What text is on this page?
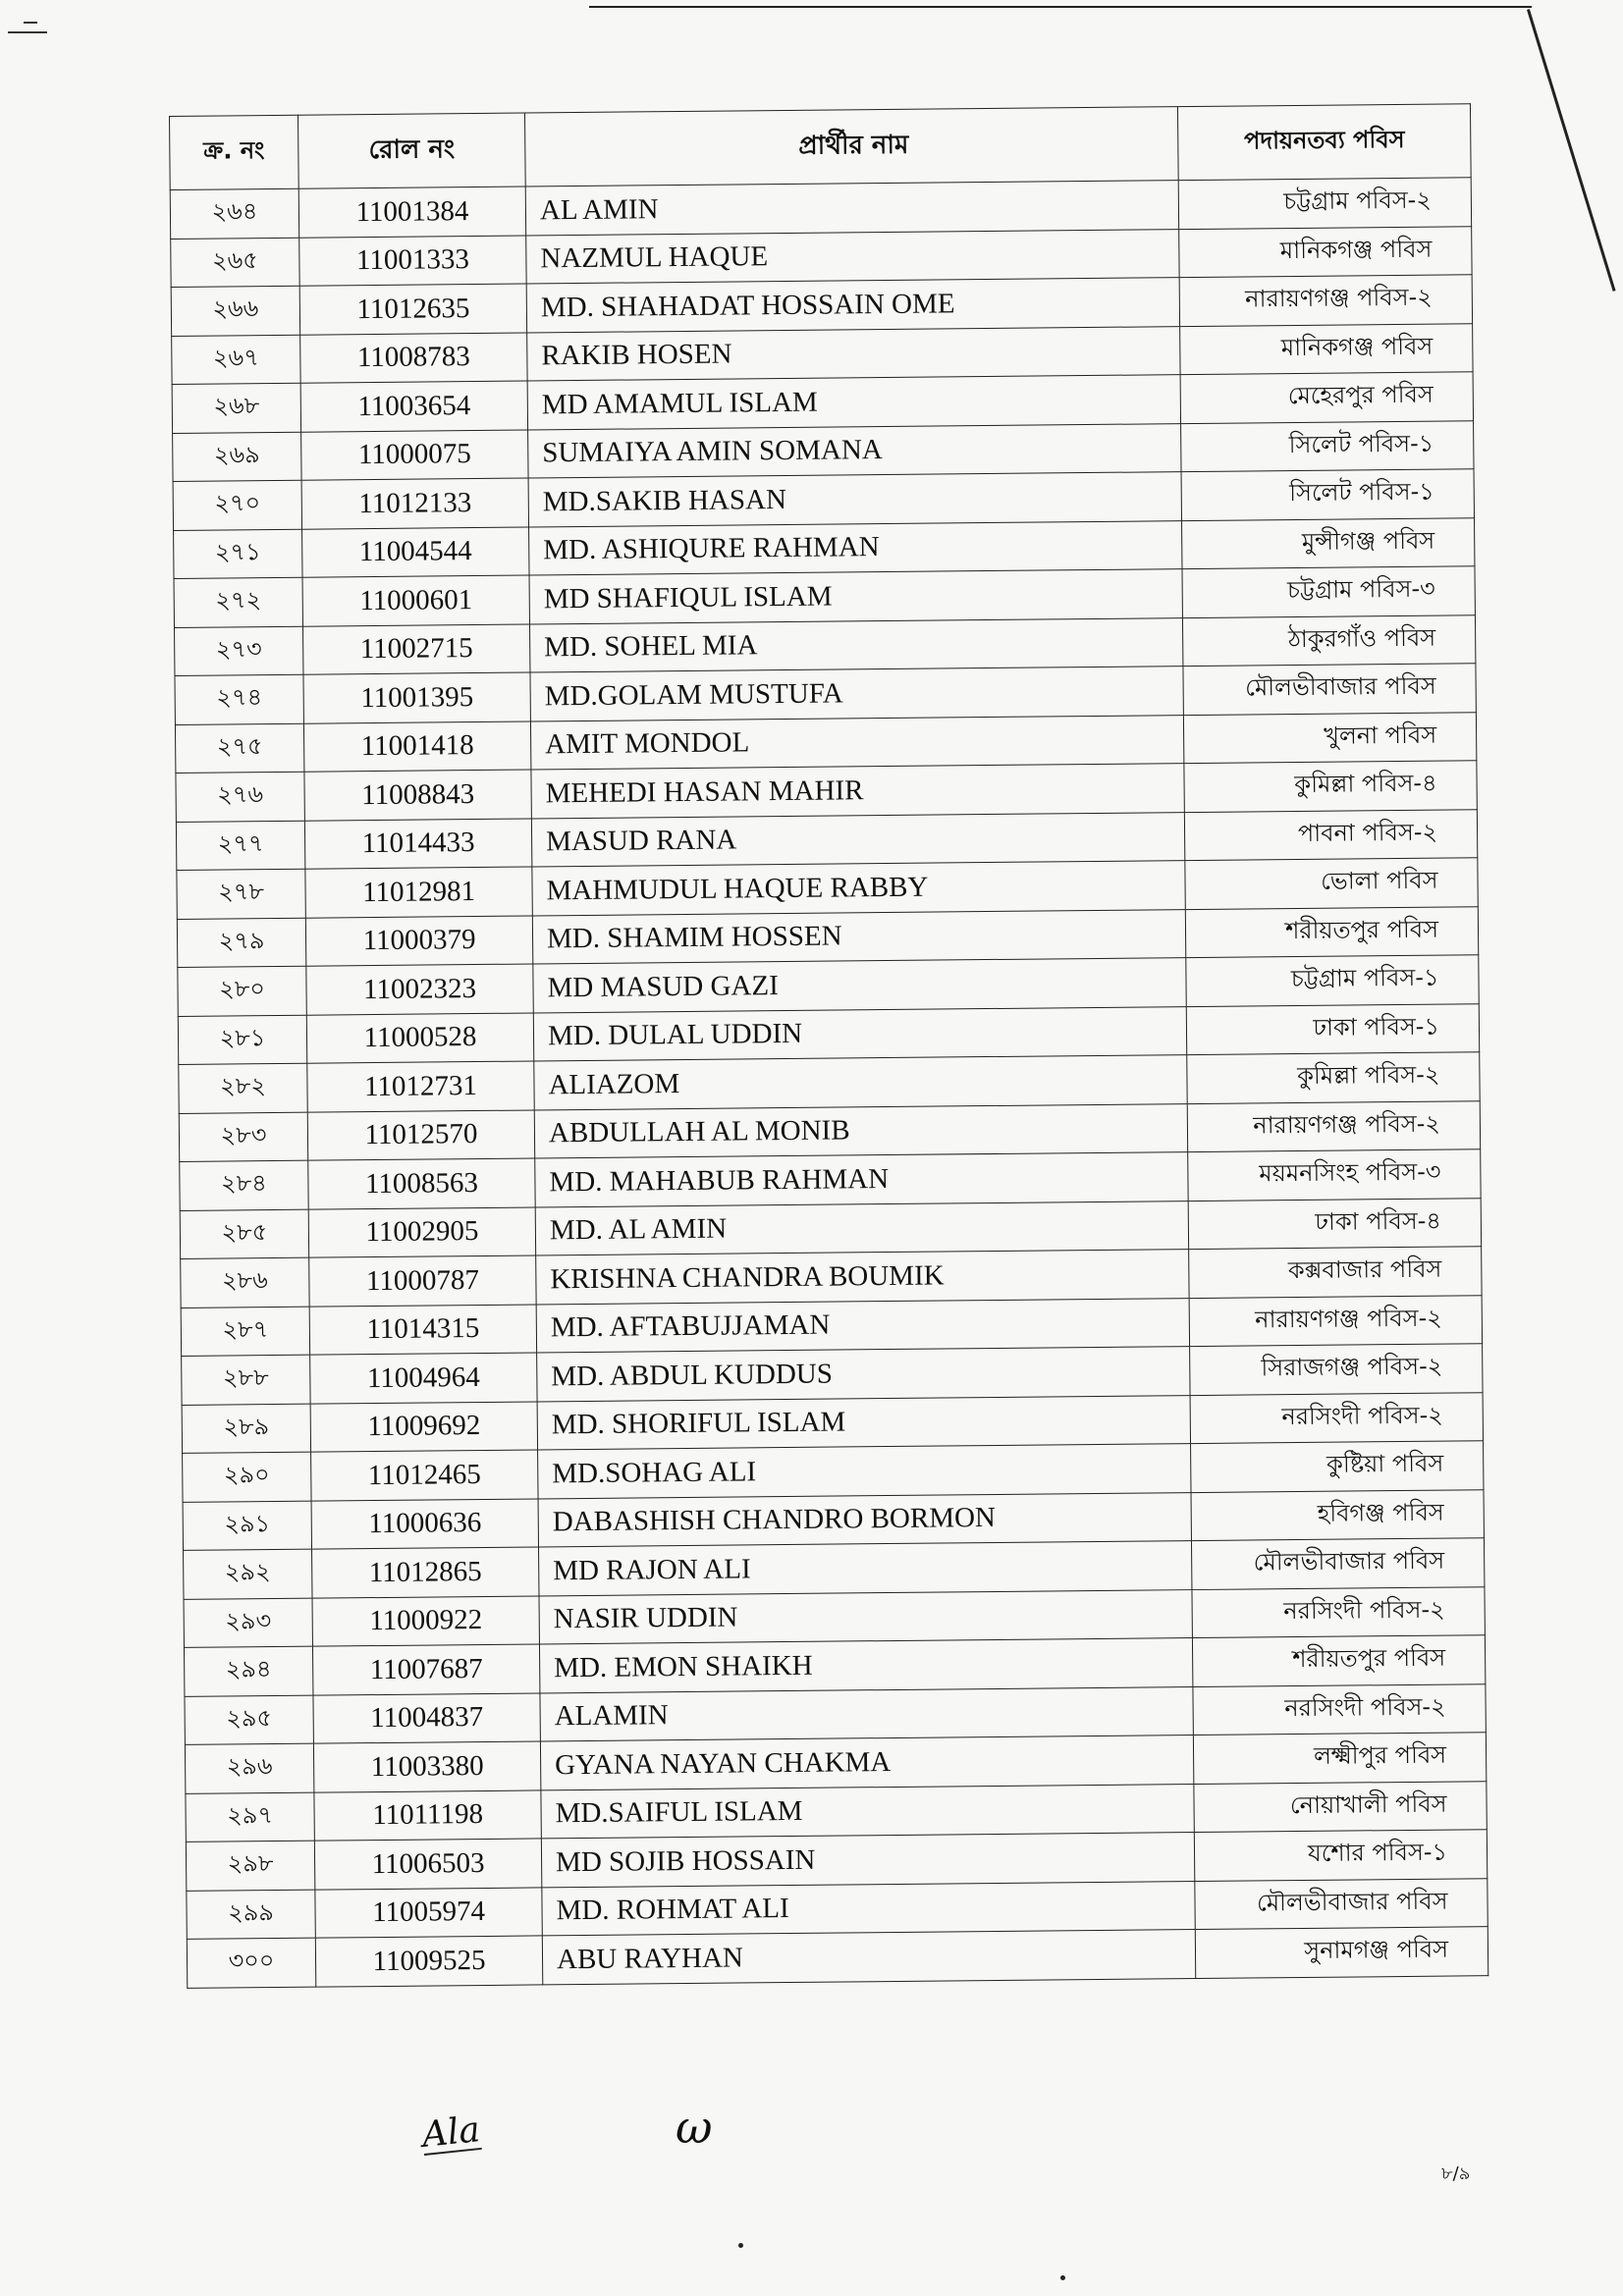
ক্র. নং	রোল নং	প্রার্থীর নাম	পদায়নতব্য পবিস
২৬৪	11001384	AL AMIN	চট্টগ্রাম পবিস-২
২৬৫	11001333	NAZMUL HAQUE	মানিকগঞ্জ পবিস
২৬৬	11012635	MD. SHAHADAT HOSSAIN OME	নারায়ণগঞ্জ পবিস-২
২৬৭	11008783	RAKIB HOSEN	মানিকগঞ্জ পবিস
২৬৮	11003654	MD AMAMUL ISLAM	মেহেরপুর পবিস
২৬৯	11000075	SUMAIYA AMIN SOMANA	সিলেট পবিস-১
২৭০	11012133	MD.SAKIB HASAN	সিলেট পবিস-১
২৭১	11004544	MD. ASHIQURE RAHMAN	মুন্সীগঞ্জ পবিস
২৭২	11000601	MD SHAFIQUL ISLAM	চট্টগ্রাম পবিস-৩
২৭৩	11002715	MD. SOHEL MIA	ঠাকুরগাঁও পবিস
২৭৪	11001395	MD.GOLAM MUSTUFA	মৌলভীবাজার পবিস
২৭৫	11001418	AMIT MONDOL	খুলনা পবিস
২৭৬	11008843	MEHEDI HASAN MAHIR	কুমিল্লা পবিস-৪
২৭৭	11014433	MASUD RANA	পাবনা পবিস-২
২৭৮	11012981	MAHMUDUL HAQUE RABBY	ভোলা পবিস
২৭৯	11000379	MD. SHAMIM HOSSEN	শরীয়তপুর পবিস
২৮০	11002323	MD MASUD GAZI	চট্টগ্রাম পবিস-১
২৮১	11000528	MD. DULAL UDDIN	ঢাকা পবিস-১
২৮২	11012731	ALIAZOM	কুমিল্লা পবিস-২
২৮৩	11012570	ABDULLAH AL MONIB	নারায়ণগঞ্জ পবিস-২
২৮৪	11008563	MD. MAHABUB RAHMAN	ময়মনসিংহ পবিস-৩
২৮৫	11002905	MD. AL AMIN	ঢাকা পবিস-৪
২৮৬	11000787	KRISHNA CHANDRA BOUMIK	কক্সবাজার পবিস
২৮৭	11014315	MD. AFTABUJJAMAN	নারায়ণগঞ্জ পবিস-২
২৮৮	11004964	MD. ABDUL KUDDUS	সিরাজগঞ্জ পবিস-২
২৮৯	11009692	MD. SHORIFUL ISLAM	নরসিংদী পবিস-২
২৯০	11012465	MD.SOHAG ALI	কুষ্টিয়া পবিস
২৯১	11000636	DABASHISH CHANDRO BORMON	হবিগঞ্জ পবিস
২৯২	11012865	MD RAJON ALI	মৌলভীবাজার পবিস
২৯৩	11000922	NASIR UDDIN	নরসিংদী পবিস-২
২৯৪	11007687	MD. EMON SHAIKH	শরীয়তপুর পবিস
২৯৫	11004837	ALAMIN	নরসিংদী পবিস-২
২৯৬	11003380	GYANA NAYAN CHAKMA	লক্ষ্মীপুর পবিস
২৯৭	11011198	MD.SAIFUL ISLAM	নোয়াখালী পবিস
২৯৮	11006503	MD SOJIB HOSSAIN	যশোর পবিস-১
২৯৯	11005974	MD. ROHMAT ALI	মৌলভীবাজার পবিস
৩০০	11009525	ABU RAYHAN	সুনামগঞ্জ পবিস
Ala	ω
৮/৯
